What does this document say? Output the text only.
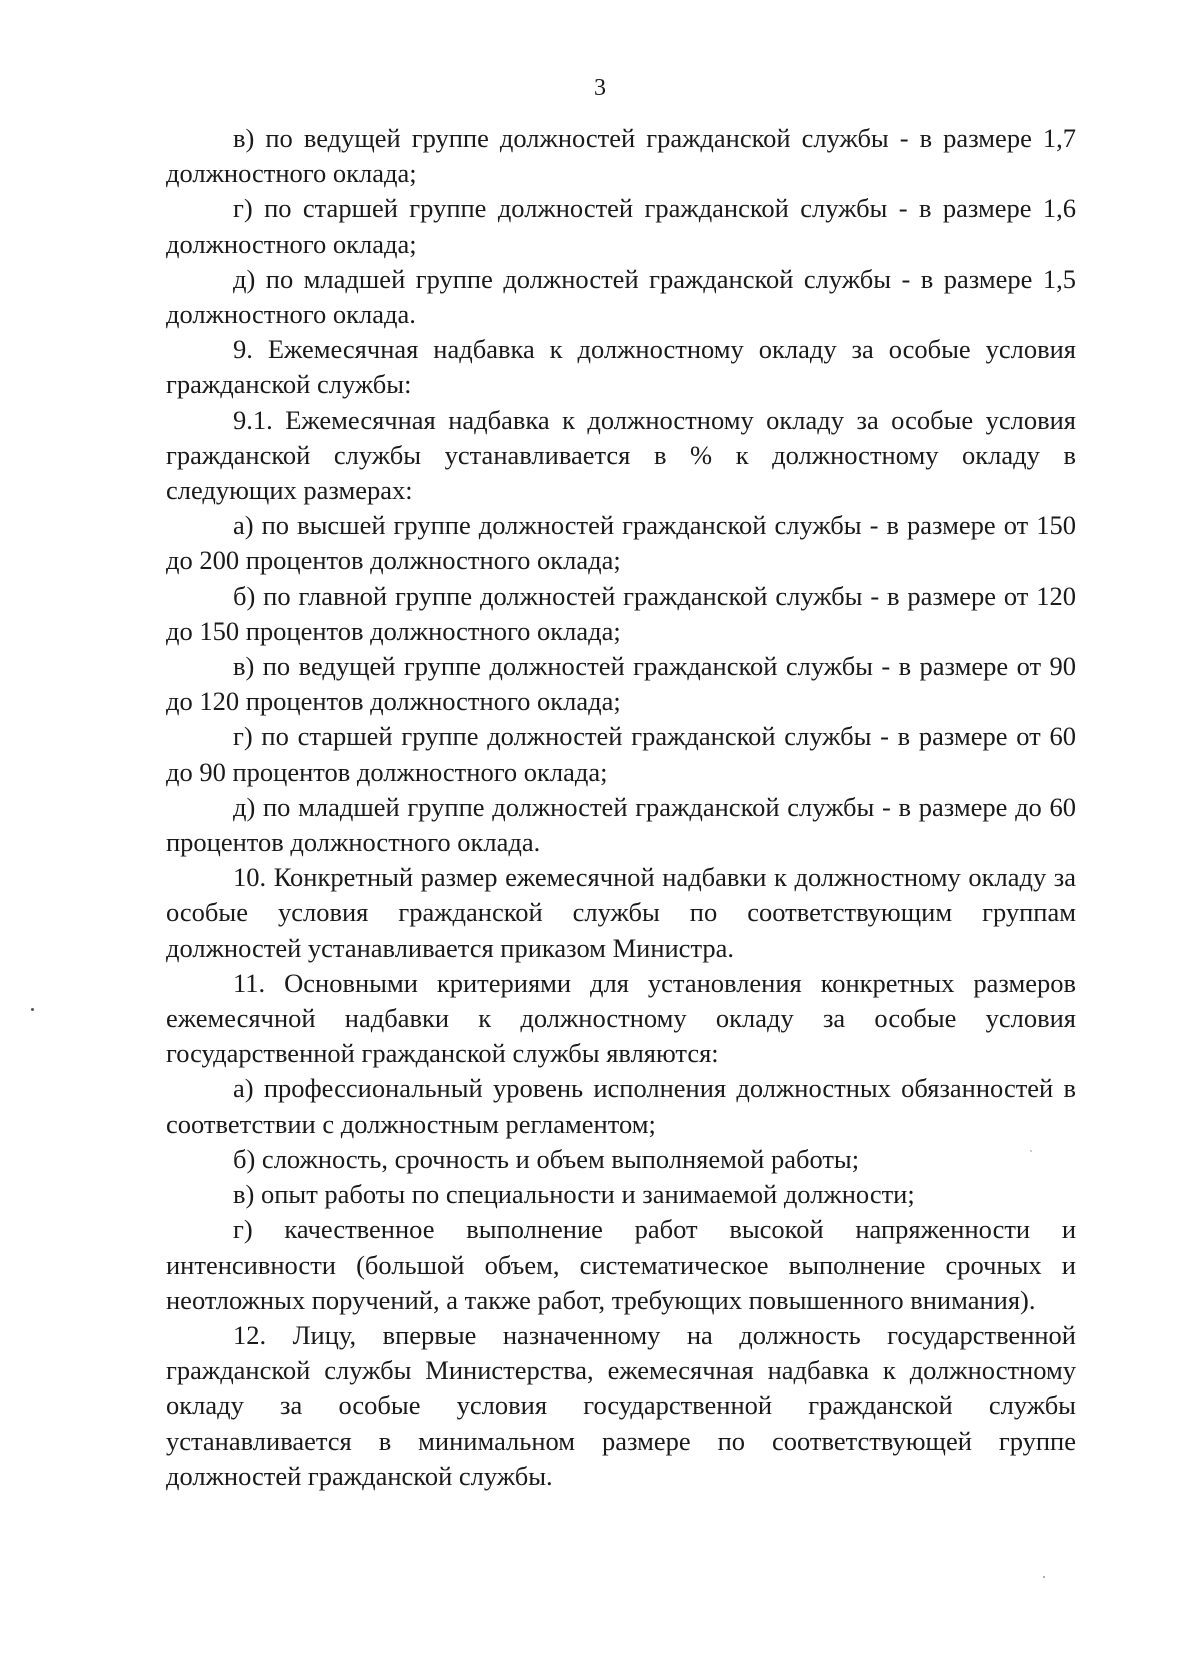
3

в) по ведущей группе должностей гражданской службы - в размере 1,7 должностного оклада;

г) по старшей группе должностей гражданской службы - в размере 1,6 должностного оклада;

д) по младшей группе должностей гражданской службы - в размере 1,5 должностного оклада.

9. Ежемесячная надбавка к должностному окладу за особые условия гражданской службы:

9.1. Ежемесячная надбавка к должностному окладу за особые условия гражданской службы устанавливается в % к должностному окладу в следующих размерах:

а) по высшей группе должностей гражданской службы - в размере от 150 до 200 процентов должностного оклада;

б) по главной группе должностей гражданской службы - в размере от 120 до 150 процентов должностного оклада;

в) по ведущей группе должностей гражданской службы - в размере от 90 до 120 процентов должностного оклада;

г) по старшей группе должностей гражданской службы - в размере от 60 до 90 процентов должностного оклада;

д) по младшей группе должностей гражданской службы - в размере до 60 процентов должностного оклада.

10. Конкретный размер ежемесячной надбавки к должностному окладу за особые условия гражданской службы по соответствующим группам должностей устанавливается приказом Министра.

11. Основными критериями для установления конкретных размеров ежемесячной надбавки к должностному окладу за особые условия государственной гражданской службы являются:

а) профессиональный уровень исполнения должностных обязанностей в соответствии с должностным регламентом;

б) сложность, срочность и объем выполняемой работы;

в) опыт работы по специальности и занимаемой должности;

г) качественное выполнение работ высокой напряженности и интенсивности (большой объем, систематическое выполнение срочных и неотложных поручений, а также работ, требующих повышенного внимания).

12. Лицу, впервые назначенному на должность государственной гражданской службы Министерства, ежемесячная надбавка к должностному окладу за особые условия государственной гражданской службы устанавливается в минимальном размере по соответствующей группе должностей гражданской службы.
